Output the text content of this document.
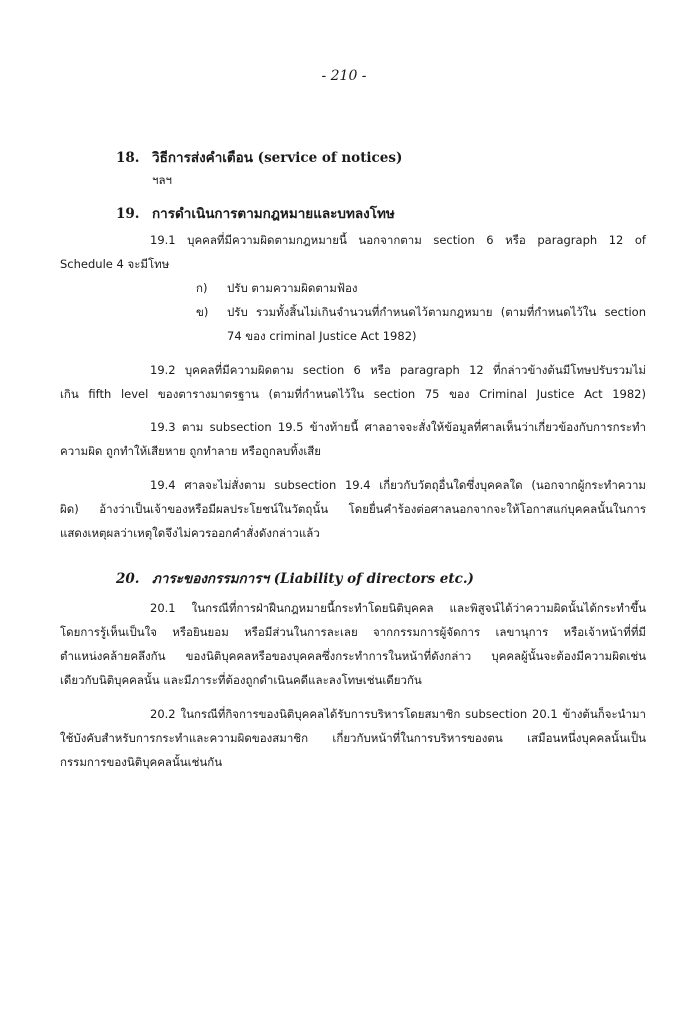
- 210 -
18. วิธีการส่งคำเตือน (service of notices)
ฯลฯ
19. การดำเนินการตามกฎหมายและบทลงโทษ
19.1 บุคคลที่มีความผิดตามกฎหมายนี้ นอกจากตาม section 6 หรือ paragraph 12 of
Schedule 4 จะมีโทษ
ก) ปรับ ตามความผิดตามฟ้อง
ข) ปรับ รวมทั้งสิ้นไม่เกินจำนวนที่กำหนดไว้ตามกฎหมาย (ตามที่กำหนดไว้ใน section
74 ของ criminal Justice Act 1982)
19.2 บุคคลที่มีความผิดตาม section 6 หรือ paragraph 12 ที่กล่าวข้างต้นมีโทษปรับรวมไม่
เกิน fifth level ของตารางมาตรฐาน (ตามที่กำหนดไว้ใน section 75 ของ Criminal Justice Act 1982)
19.3 ตาม subsection 19.5 ข้างท้ายนี้ ศาลอาจจะสั่งให้ข้อมูลที่ศาลเห็นว่าเกี่ยวข้องกับการกระทำ
ความผิด ถูกทำให้เสียหาย ถูกทำลาย หรือถูกลบทิ้งเสีย
19.4 ศาลจะไม่สั่งตาม subsection 19.4 เกี่ยวกับวัตถุอื่นใดซึ่งบุคคลใด (นอกจากผู้กระทำความ
ผิด) อ้างว่าเป็นเจ้าของหรือมีผลประโยชน์ในวัตถุนั้น โดยยื่นคำร้องต่อศาลนอกจากจะให้โอกาสแก่บุคคลนั้นในการ
แสดงเหตุผลว่าเหตุใดจึงไม่ควรออกคำสั่งดังกล่าวแล้ว
20. ภาระของกรรมการฯ (Liability of directors etc.)
20.1 ในกรณีที่การฝ่าฝืนกฎหมายนี้กระทำโดยนิติบุคคล และพิสูจน์ได้ว่าความผิดนั้นได้กระทำขึ้น
โดยการรู้เห็นเป็นใจ หรือยินยอม หรือมีส่วนในการละเลย จากกรรมการผู้จัดการ เลขานุการ หรือเจ้าหน้าที่ที่มี
ตำแหน่งคล้ายคลึงกัน ของนิติบุคคลหรือของบุคคลซึ่งกระทำการในหน้าที่ดังกล่าว บุคคลผู้นั้นจะต้องมีความผิดเช่น
เดียวกับนิติบุคคลนั้น และมีภาระที่ต้องถูกดำเนินคดีและลงโทษเช่นเดียวกัน
20.2 ในกรณีที่กิจการของนิติบุคคลได้รับการบริหารโดยสมาชิก subsection 20.1 ข้างต้นก็จะนำมา
ใช้บังคับสำหรับการกระทำและความผิดของสมาชิก เกี่ยวกับหน้าที่ในการบริหารของตน เสมือนหนึ่งบุคคลนั้นเป็น
กรรมการของนิติบุคคลนั้นเช่นกัน
